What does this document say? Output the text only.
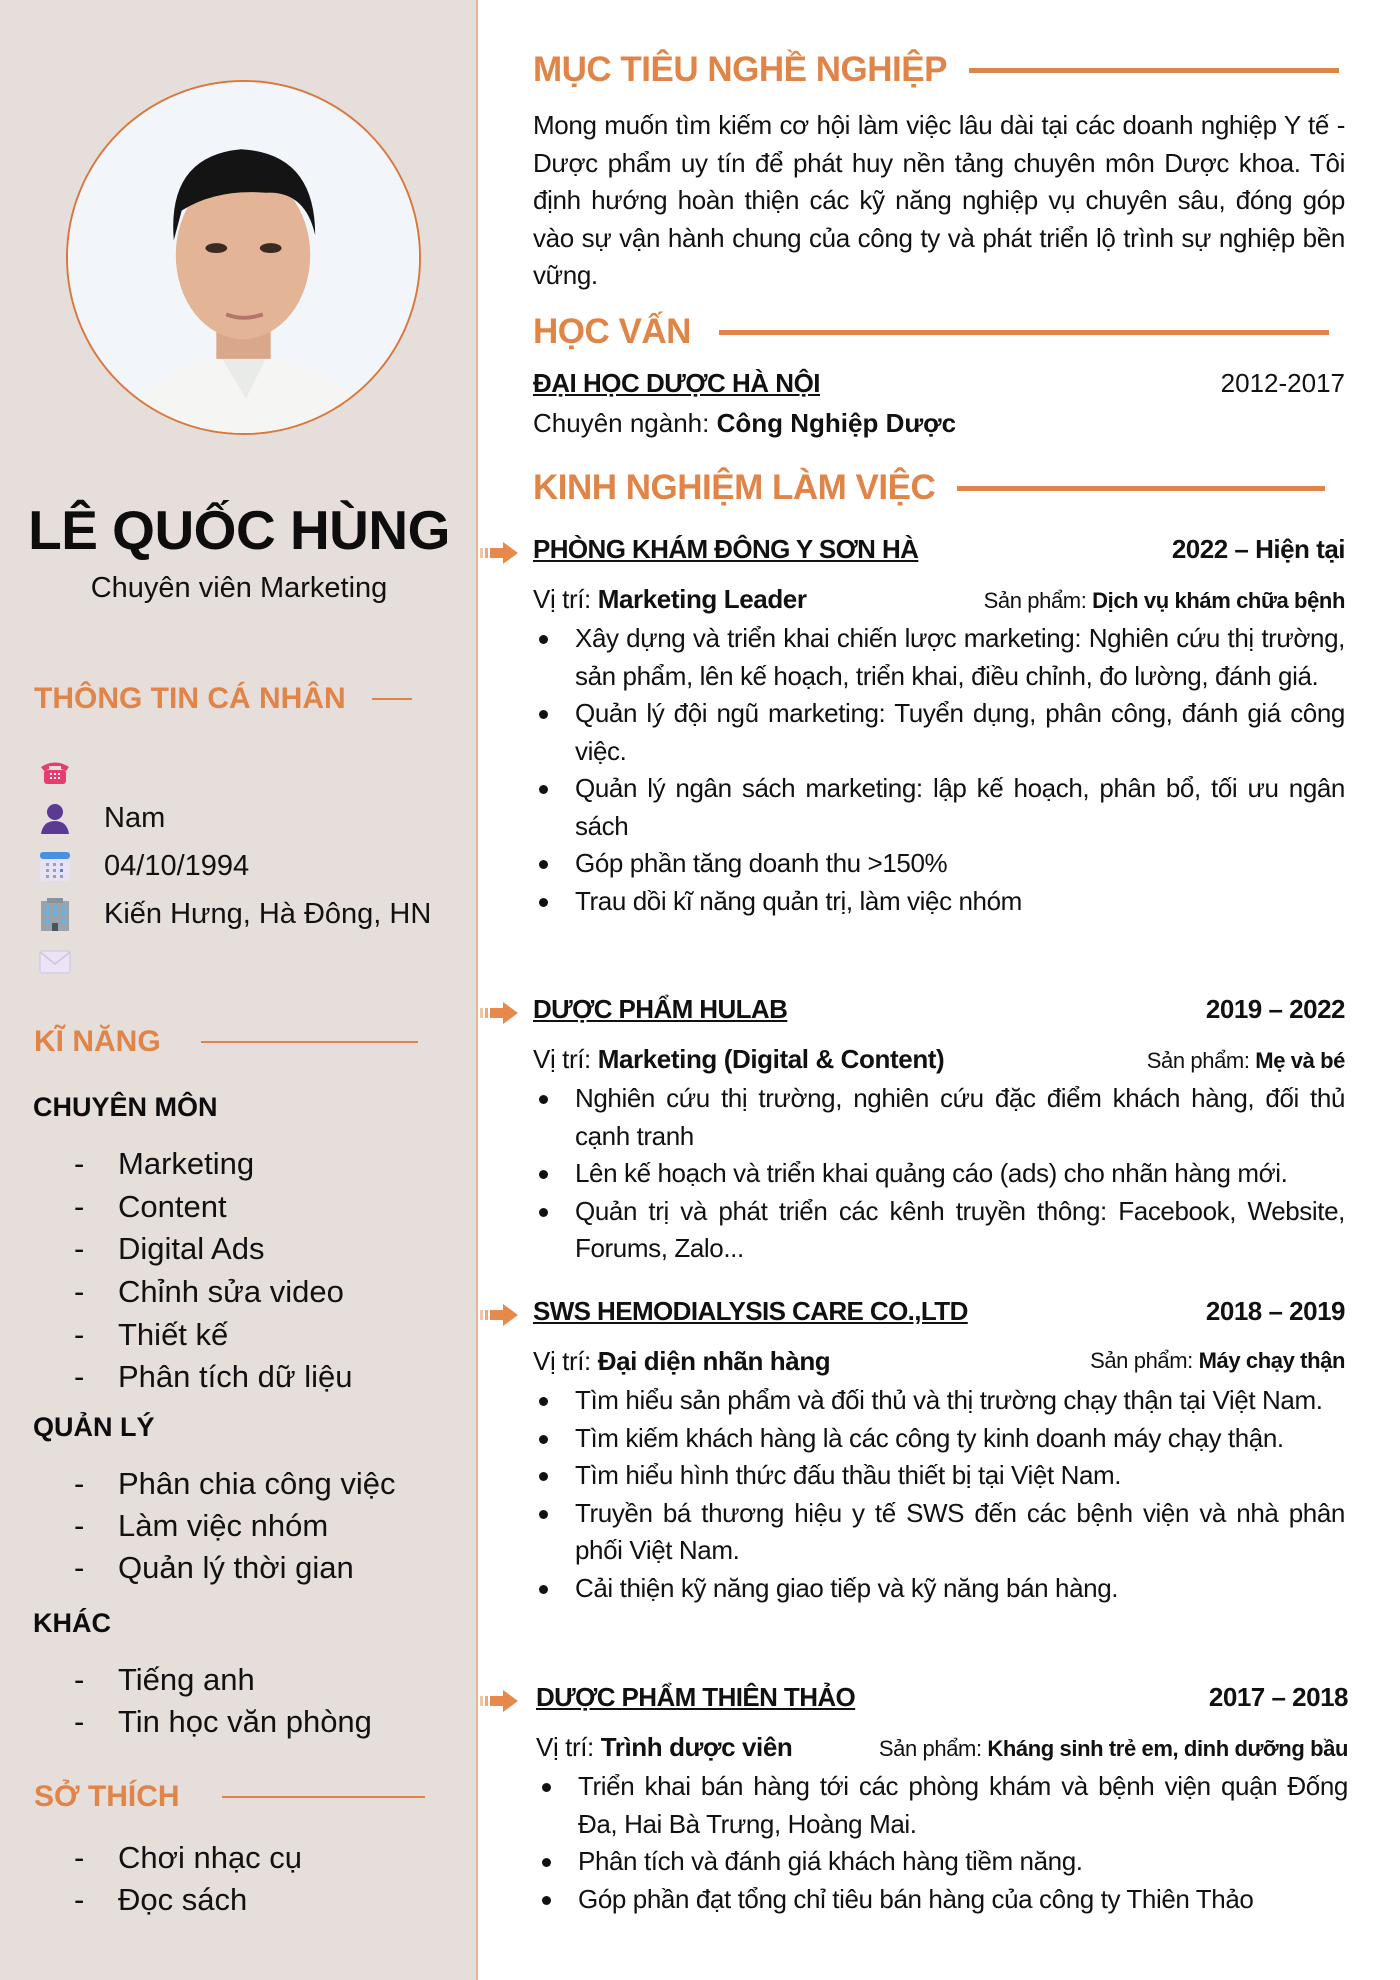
LÊ QUỐC HÙNG
Chuyên viên Marketing
THÔNG TIN CÁ NHÂN
Nam
04/10/1994
Kiến Hưng, Hà Đông, HN
KĨ NĂNG
CHUYÊN MÔN
-	Marketing
-	Content
-	Digital Ads
-	Chỉnh sửa video
-	Thiết kế
-	Phân tích dữ liệu
QUẢN LÝ
-	Phân chia công việc
-	Làm việc nhóm
-	Quản lý thời gian
KHÁC
-	Tiếng anh
-	Tin học văn phòng
SỞ THÍCH
-	Chơi nhạc cụ
-	Đọc sách
MỤC TIÊU NGHỀ NGHIỆP
Mong muốn tìm kiếm cơ hội làm việc lâu dài tại các doanh nghiệp Y tế - Dược phẩm uy tín để phát huy nền tảng chuyên môn Dược khoa. Tôi định hướng hoàn thiện các kỹ năng nghiệp vụ chuyên sâu, đóng góp vào sự vận hành chung của công ty và phát triển lộ trình sự nghiệp bền vững.
HỌC VẤN
ĐẠI HỌC DƯỢC HÀ NỘI	2012-2017
Chuyên ngành: Công Nghiệp Dược
KINH NGHIỆM LÀM VIỆC
PHÒNG KHÁM ĐÔNG Y SƠN HÀ	2022 – Hiện tại
Vị trí: Marketing Leader	Sản phẩm: Dịch vụ khám chữa bệnh
Xây dựng và triển khai chiến lược marketing: Nghiên cứu thị trường, sản phẩm, lên kế hoạch, triển khai, điều chỉnh, đo lường, đánh giá.
Quản lý đội ngũ marketing: Tuyển dụng, phân công, đánh giá công việc.
Quản lý ngân sách marketing: lập kế hoạch, phân bổ, tối ưu ngân sách
Góp phần tăng doanh thu >150%
Trau dồi kĩ năng quản trị, làm việc nhóm
DƯỢC PHẨM HULAB	2019 – 2022
Vị trí: Marketing (Digital & Content)	Sản phẩm: Mẹ và bé
Nghiên cứu thị trường, nghiên cứu đặc điểm khách hàng, đối thủ cạnh tranh
Lên kế hoạch và triển khai quảng cáo (ads) cho nhãn hàng mới.
Quản trị và phát triển các kênh truyền thông: Facebook, Website, Forums, Zalo...
SWS HEMODIALYSIS CARE CO.,LTD	2018 – 2019
Vị trí: Đại diện nhãn hàng	Sản phẩm: Máy chạy thận
Tìm hiểu sản phẩm và đối thủ và thị trường chạy thận tại Việt Nam.
Tìm kiếm khách hàng là các công ty kinh doanh máy chạy thận.
Tìm hiểu hình thức đấu thầu thiết bị tại Việt Nam.
Truyền bá thương hiệu y tế SWS đến các bệnh viện và nhà phân phối Việt Nam.
Cải thiện kỹ năng giao tiếp và kỹ năng bán hàng.
DƯỢC PHẨM THIÊN THẢO	2017 – 2018
Vị trí: Trình dược viên	Sản phẩm: Kháng sinh trẻ em, dinh dưỡng bầu
Triển khai bán hàng tới các phòng khám và bệnh viện quận Đống Đa, Hai Bà Trưng, Hoàng Mai.
Phân tích và đánh giá khách hàng tiềm năng.
Góp phần đạt tổng chỉ tiêu bán hàng của công ty Thiên Thảo
